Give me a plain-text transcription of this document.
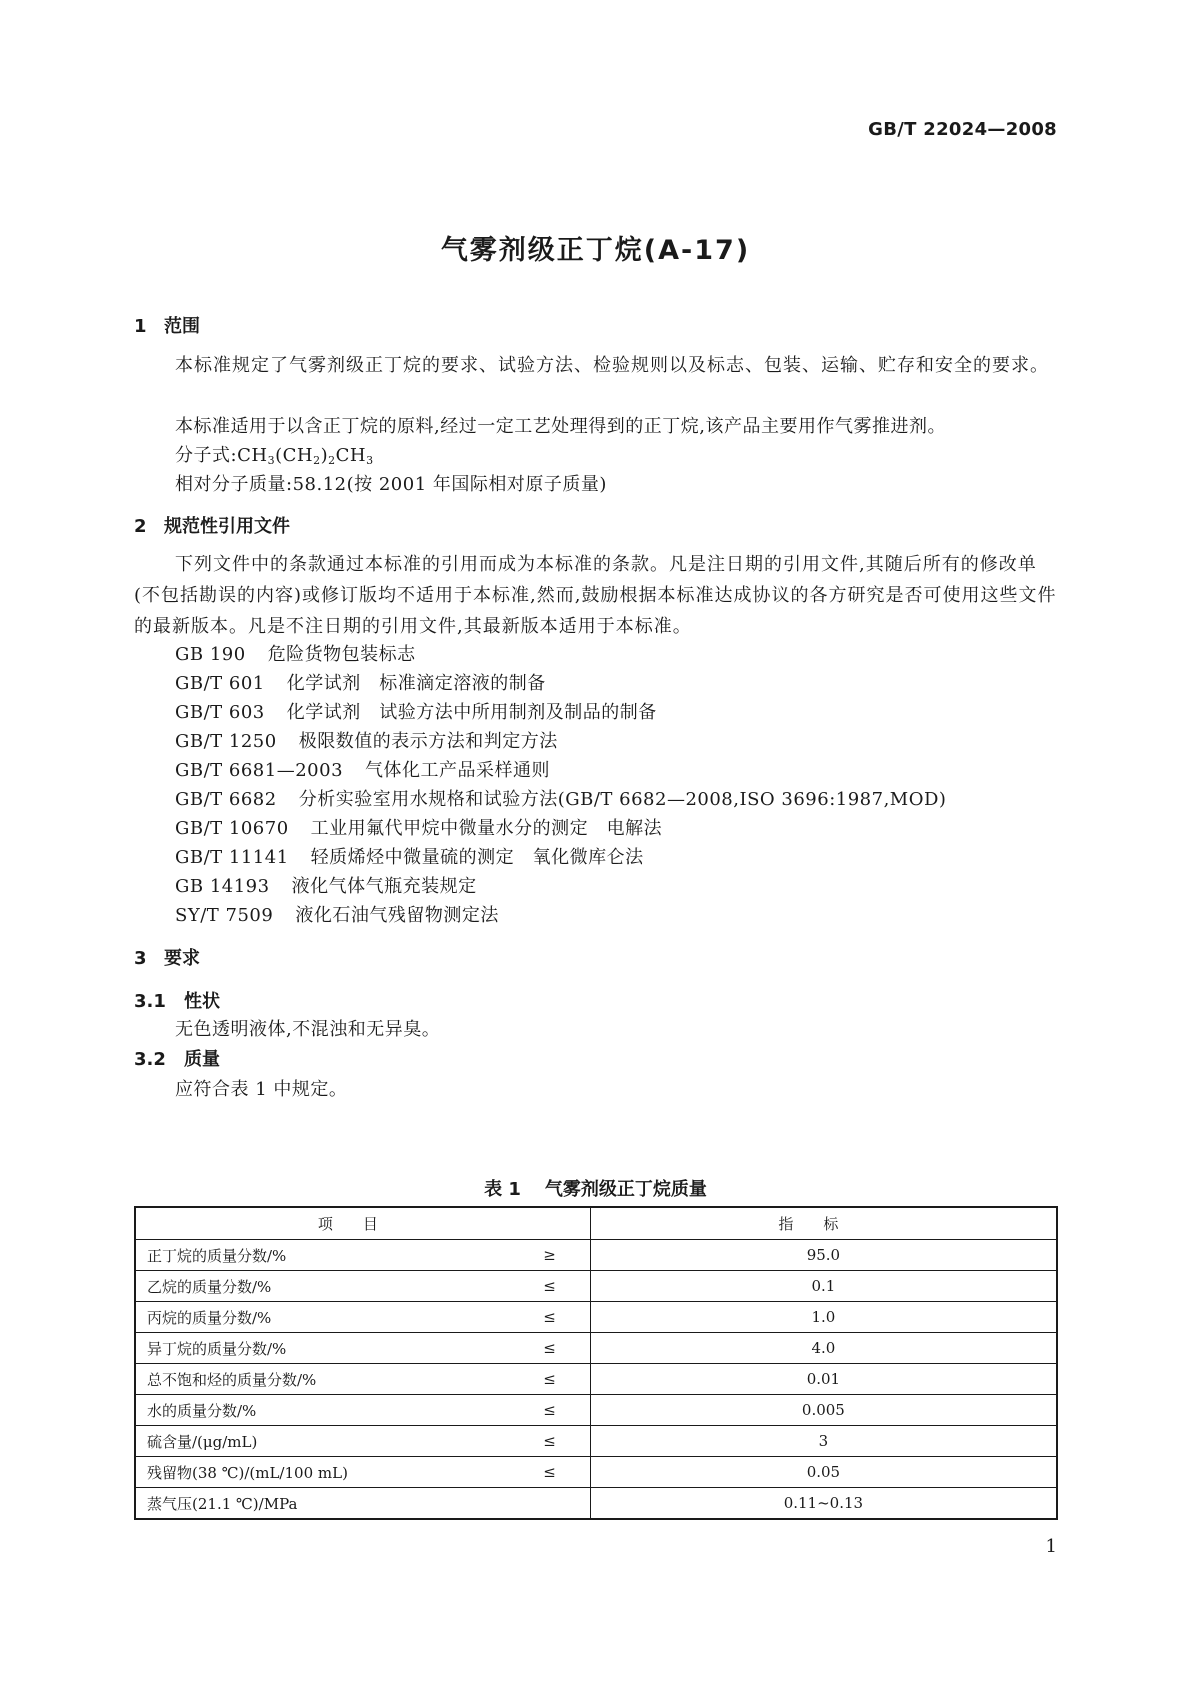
GB/T 22024—2008
气雾剂级正丁烷(A-17)
1 范围
本标准规定了气雾剂级正丁烷的要求、试验方法、检验规则以及标志、包装、运输、贮存和安全的要求。
本标准适用于以含正丁烷的原料,经过一定工艺处理得到的正丁烷,该产品主要用作气雾推进剂。
分子式$:CH_3(CH_2)_2CH_3$
相对分子质量:58.12(按 2001 年国际相对原子质量)
2 规范性引用文件
下列文件中的条款通过本标准的引用而成为本标准的条款。凡是注日期的引用文件,其随后所有的修改单(不包括勘误的内容)或修订版均不适用于本标准,然而,鼓励根据本标准达成协议的各方研究是否可使用这些文件的最新版本。凡是不注日期的引用文件,其最新版本适用于本标准。
GB 190 危险货物包装标志
GB/T 601 化学试剂　标准滴定溶液的制备
GB/T 603 化学试剂　试验方法中所用制剂及制品的制备
GB/T 1250 极限数值的表示方法和判定方法
GB/T 6681—2003 气体化工产品采样通则
GB/T 6682 分析实验室用水规格和试验方法(GB/T 6682—2008,ISO 3696:1987,MOD)
GB/T 10670 工业用氟代甲烷中微量水分的测定　电解法
GB/T 11141 轻质烯烃中微量硫的测定　氧化微库仑法
GB 14193 液化气体气瓶充装规定
SY/T 7509 液化石油气残留物测定法
3 要求
3.1 性状
无色透明液体,不混浊和无异臭。
3.2 质量
应符合表 1 中规定。
表 1 气雾剂级正丁烷质量
项目	指标

正丁烷的质量分数/% ≥	95.0

乙烷的质量分数/% ≤	0.1

丙烷的质量分数/% ≤	1.0

异丁烷的质量分数/% ≤	4.0

总不饱和烃的质量分数/% ≤	0.01

水的质量分数/% ≤	0.005

硫含量/(μg/mL) ≤	3

残留物(38 ℃)/(mL/100 mL) ≤	0.05

蒸气压(21.1 ℃)/MPa	0.11~0.13
1
